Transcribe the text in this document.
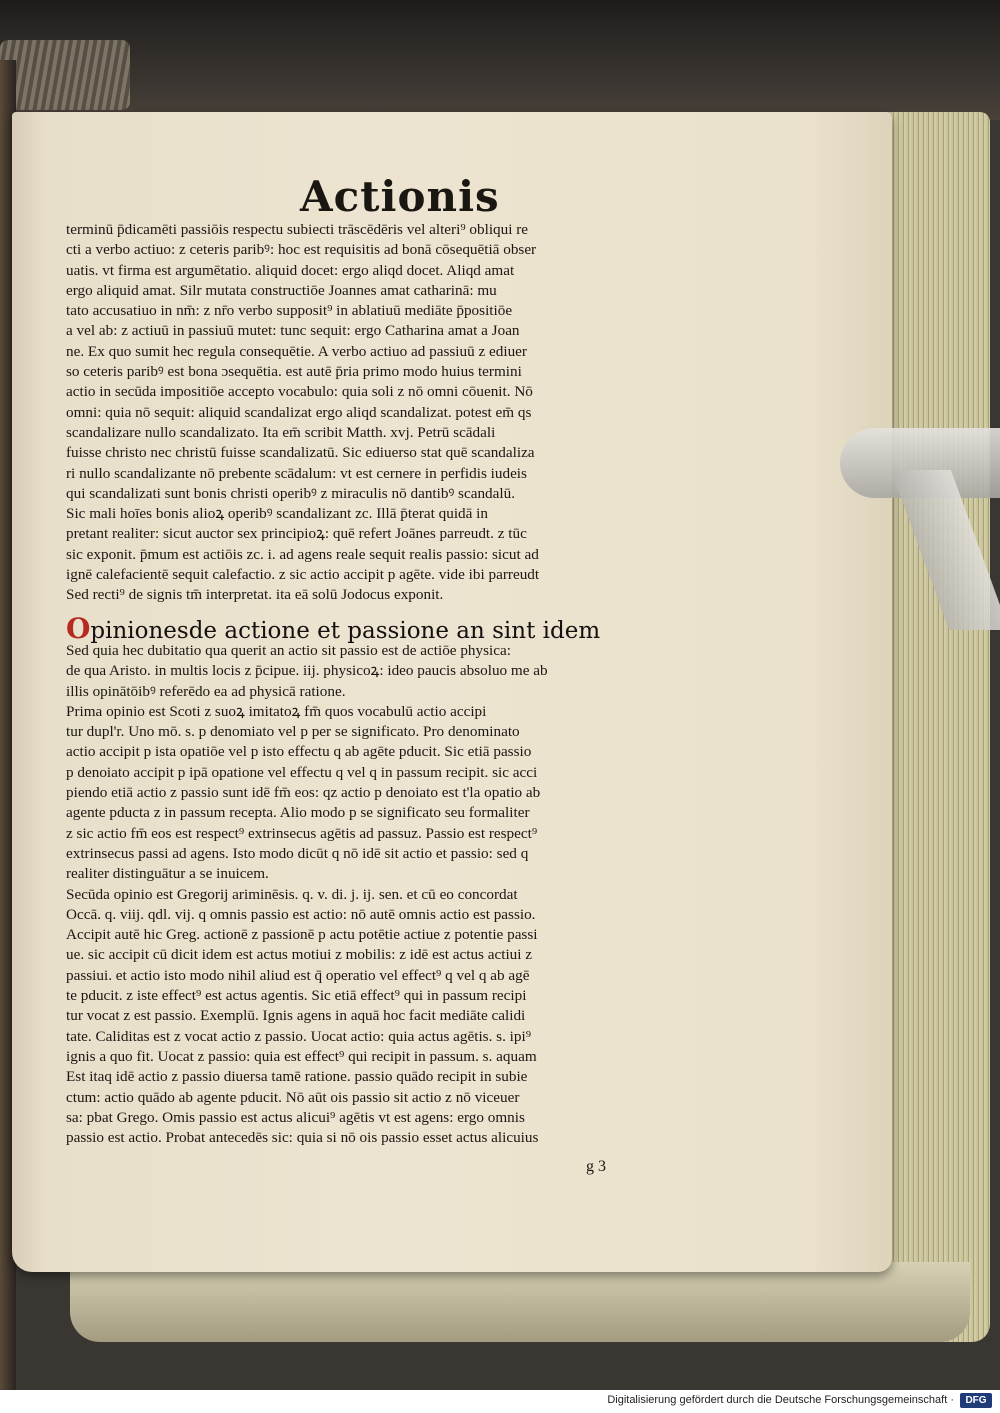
Actionis

terminū p̄dicamēti passiōis respectu subiecti trāscēdēris vel alteri⁹ obliqui re

cti a verbo actiuo: z ceteris paribꝰ: hoc est requisitis ad bonā cōsequētiā obser

uatis. vt firma est argumētatio. aliquid docet: ergo aliqd docet. Aliqd amat

ergo aliquid amat. Silr mutata constructiōe Joannes amat catharinā: mu

tato accusatiuo in nm̄: z nr̄o verbo supposit⁹ in ablatiuū mediāte p̄positiōe

a vel ab: z actiuū in passiuū mutet: tunc sequit: ergo Catharina amat a Joan

ne. Ex quo sumit hec regula consequētie. A verbo actiuo ad passiuū z ediuer

so ceteris paribꝰ est bona ɔsequētia. est autē p̄ria primo modo huius termini

actio in secūda impositiōe accepto vocabulo: quia soli z nō omni cōuenit. Nō

omni: quia nō sequit: aliquid scandalizat ergo aliqd scandalizat. potest em̄ qs

scandalizare nullo scandalizato. Ita em̄ scribit Matth. xvj. Petrū scādali

fuisse christo nec christū fuisse scandalizatū. Sic ediuerso stat quē scandaliza

ri nullo scandalizante nō prebente scādalum: vt est cernere in perfidis iudeis

qui scandalizati sunt bonis christi operibꝰ z miraculis nō dantibꝰ scandalū.

Sic mali hoīes bonis alioꝝ operibꝰ scandalizant zc. Illā p̄terat quidā in

pretant realiter: sicut auctor sex principioꝝ: quē refert Joānes parreudt. z tūc

sic exponit. p̄mum est actiōis zc. i. ad agens reale sequit realis passio: sicut ad

ignē calefacientē sequit calefactio. z sic actio accipit p agēte. vide ibi parreudt

Sed recti⁹ de signis tm̄ interpretat. ita eā solū Jodocus exponit.

Opinionesde actione et passione an sint idem

Sed quia hec dubitatio qua querit an actio sit passio est de actiōe physica:

de qua Aristo. in multis locis z p̄cipue. iij. physicoꝝ: ideo paucis absoluo me ab

illis opinātōibꝰ referēdo ea ad physicā ratione.

Prima opinio est Scoti z suoꝝ imitatoꝝ fm̄ quos vocabulū actio accipi

tur dupl'r. Uno mō. s. p denomiato vel p per se significato. Pro denominato

actio accipit p ista opatiōe vel p isto effectu q ab agēte pducit. Sic etiā passio

p denoiato accipit p ipā opatione vel effectu q vel q in passum recipit. sic acci

piendo etiā actio z passio sunt idē fm̄ eos: qz actio p denoiato est t'la opatio ab

agente pducta z in passum recepta. Alio modo p se significato seu formaliter

z sic actio fm̄ eos est respect⁹ extrinsecus agētis ad passuz. Passio est respect⁹

extrinsecus passi ad agens. Isto modo dicūt q nō idē sit actio et passio: sed q

realiter distinguātur a se inuicem.

Secūda opinio est Gregorij ariminēsis. q. v. di. j. ij. sen. et cū eo concordat

Occā. q. viij. qdl. vij. q omnis passio est actio: nō autē omnis actio est passio.

Accipit autē hic Greg. actionē z passionē p actu potētie actiue z potentie passi

ue. sic accipit cū dicit idem est actus motiui z mobilis: z idē est actus actiui z

passiui. et actio isto modo nihil aliud est q̄ operatio vel effect⁹ q vel q ab agē

te pducit. z iste effect⁹ est actus agentis. Sic etiā effect⁹ qui in passum recipi

tur vocat z est passio. Exemplū. Ignis agens in aquā hoc facit mediāte calidi

tate. Caliditas est z vocat actio z passio. Uocat actio: quia actus agētis. s. ipi⁹

ignis a quo fit. Uocat z passio: quia est effect⁹ qui recipit in passum. s. aquam

Est itaq idē actio z passio diuersa tamē ratione. passio quādo recipit in subie

ctum: actio quādo ab agente pducit. Nō aūt ois passio sit actio z nō viceuer

sa: pbat Grego. Omis passio est actus alicui⁹ agētis vt est agens: ergo omnis

passio est actio. Probat antecedēs sic: quia si nō ois passio esset actus alicuius

g 3
Digitalisierung gefördert durch die Deutsche Forschungsgemeinschaft ·	DFG
